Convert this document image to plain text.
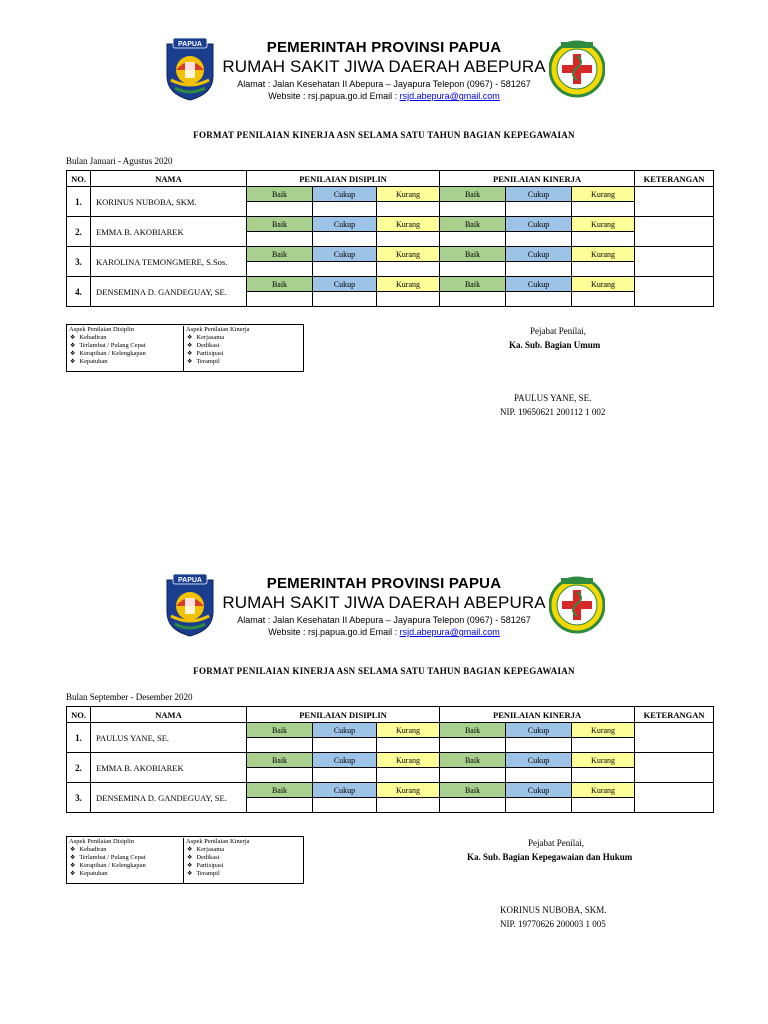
PAPUA	PEMERINTAH PROVINSI PAPUA
RUMAH SAKIT JIWA DAERAH ABEPURA
Alamat : Jalan Kesehatan II Abepura – Jayapura Telepon (0967) - 581267
Website : rsj.papua.go.id Email : rsjd.abepura@gmail.com
FORMAT PENILAIAN KINERJA ASN SELAMA SATU TAHUN BAGIAN KEPEGAWAIAN
Bulan Januari - Agustus 2020
NO.	NAMA	PENILAIAN DISIPLIN			PENILAIAN KINERJA			KETERANGAN
1.	KORINUS NUBOBA, SKM.	Baik	Cukup	Kurang	Baik	Cukup	Kurang	

2.	EMMA B. AKOBIAREK	Baik	Cukup	Kurang	Baik	Cukup	Kurang	

3.	KAROLINA TEMONGMERE, S.Sos.	Baik	Cukup	Kurang	Baik	Cukup	Kurang	

4.	DENSEMINA D. GANDEGUAY, SE.	Baik	Cukup	Kurang	Baik	Cukup	Kurang	

Aspek Penilaian Disiplin
❖ Kehadiran
❖ Terlambat / Pulang Cepat
❖ Kerapihan / Kelengkapan
❖ Kepatuhan
Aspek Penilaian Kinerja
❖ Kerjasama
❖ Dedikasi
❖ Partisipasi
❖ Terampil
Pejabat Penilai,
Ka. Sub. Bagian Umum
PAULUS YANE, SE.
NIP. 19650621 200112 1 002
PAPUA	PEMERINTAH PROVINSI PAPUA
RUMAH SAKIT JIWA DAERAH ABEPURA
Alamat : Jalan Kesehatan II Abepura – Jayapura Telepon (0967) - 581267
Website : rsj.papua.go.id Email : rsjd.abepura@gmail.com
FORMAT PENILAIAN KINERJA ASN SELAMA SATU TAHUN BAGIAN KEPEGAWAIAN
Bulan September - Desember 2020
NO.	NAMA	PENILAIAN DISIPLIN			PENILAIAN KINERJA			KETERANGAN
1.	PAULUS YANE, SE.	Baik	Cukup	Kurang	Baik	Cukup	Kurang	

2.	EMMA B. AKOBIAREK	Baik	Cukup	Kurang	Baik	Cukup	Kurang	

3.	DENSEMINA D. GANDEGUAY, SE.	Baik	Cukup	Kurang	Baik	Cukup	Kurang	

Aspek Penilaian Disiplin
❖ Kehadiran
❖ Terlambat / Pulang Cepat
❖ Kerapihan / Kelengkapan
❖ Kepatuhan
Aspek Penilaian Kinerja
❖ Kerjasama
❖ Dedikasi
❖ Partisipasi
❖ Terampil
Pejabat Penilai,
Ka. Sub. Bagian Kepegawaian dan Hukum
KORINUS NUBOBA, SKM.
NIP. 19770626 200003 1 005
